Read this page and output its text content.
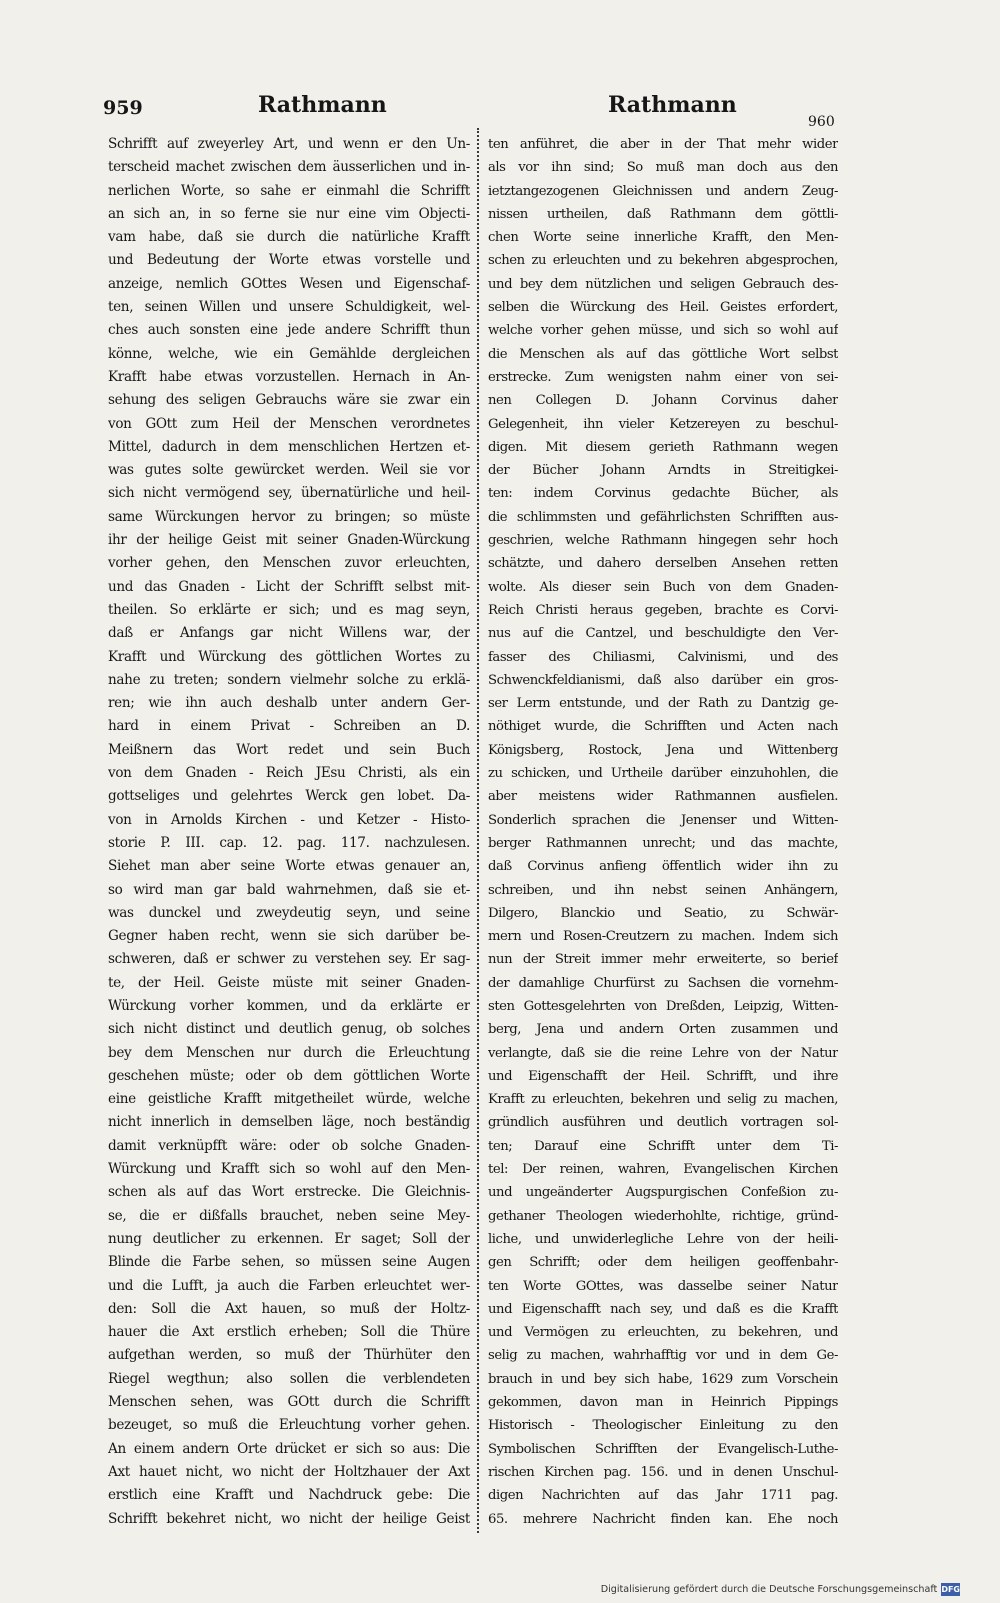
959	Rathmann	Rathmann
960
Schrifft auf zweyerley Art, und wenn er den Un-
terscheid machet zwischen dem äusserlichen und in-
nerlichen Worte, so sahe er einmahl die Schrifft
an sich an, in so ferne sie nur eine vim Objecti-
vam habe, daß sie durch die natürliche Krafft
und Bedeutung der Worte etwas vorstelle und
anzeige, nemlich GOttes Wesen und Eigenschaf-
ten, seinen Willen und unsere Schuldigkeit, wel-
ches auch sonsten eine jede andere Schrifft thun
könne, welche, wie ein Gemählde dergleichen
Krafft habe etwas vorzustellen. Hernach in An-
sehung des seligen Gebrauchs wäre sie zwar ein
von GOtt zum Heil der Menschen verordnetes
Mittel, dadurch in dem menschlichen Hertzen et-
was gutes solte gewürcket werden. Weil sie vor
sich nicht vermögend sey, übernatürliche und heil-
same Würckungen hervor zu bringen; so müste
ihr der heilige Geist mit seiner Gnaden-Würckung
vorher gehen, den Menschen zuvor erleuchten,
und das Gnaden - Licht der Schrifft selbst mit-
theilen. So erklärte er sich; und es mag seyn,
daß er Anfangs gar nicht Willens war, der
Krafft und Würckung des göttlichen Wortes zu
nahe zu treten; sondern vielmehr solche zu erklä-
ren; wie ihn auch deshalb unter andern Ger-
hard in einem Privat - Schreiben an D.
Meißnern das Wort redet und sein Buch
von dem Gnaden - Reich JEsu Christi, als ein
gottseliges und gelehrtes Werck gen lobet. Da-
von in Arnolds Kirchen - und Ketzer - Histo-
storie P. III. cap. 12. pag. 117. nachzulesen.
Siehet man aber seine Worte etwas genauer an,
so wird man gar bald wahrnehmen, daß sie et-
was dunckel und zweydeutig seyn, und seine
Gegner haben recht, wenn sie sich darüber be-
schweren, daß er schwer zu verstehen sey. Er sag-
te, der Heil. Geiste müste mit seiner Gnaden-
Würckung vorher kommen, und da erklärte er
sich nicht distinct und deutlich genug, ob solches
bey dem Menschen nur durch die Erleuchtung
geschehen müste; oder ob dem göttlichen Worte
eine geistliche Krafft mitgetheilet würde, welche
nicht innerlich in demselben läge, noch beständig
damit verknüpfft wäre: oder ob solche Gnaden-
Würckung und Krafft sich so wohl auf den Men-
schen als auf das Wort erstrecke. Die Gleichnis-
se, die er dißfalls brauchet, neben seine Mey-
nung deutlicher zu erkennen. Er saget; Soll der
Blinde die Farbe sehen, so müssen seine Augen
und die Lufft, ja auch die Farben erleuchtet wer-
den: Soll die Axt hauen, so muß der Holtz-
hauer die Axt erstlich erheben; Soll die Thüre
aufgethan werden, so muß der Thürhüter den
Riegel wegthun; also sollen die verblendeten
Menschen sehen, was GOtt durch die Schrifft
bezeuget, so muß die Erleuchtung vorher gehen.
An einem andern Orte drücket er sich so aus: Die
Axt hauet nicht, wo nicht der Holtzhauer der Axt
erstlich eine Krafft und Nachdruck gebe: Die
Schrifft bekehret nicht, wo nicht der heilige Geist
ten anführet, die aber in der That mehr wider
als vor ihn sind; So muß man doch aus den
ietztangezogenen Gleichnissen und andern Zeug-
nissen urtheilen, daß Rathmann dem göttli-
chen Worte seine innerliche Krafft, den Men-
schen zu erleuchten und zu bekehren abgesprochen,
und bey dem nützlichen und seligen Gebrauch des-
selben die Würckung des Heil. Geistes erfordert,
welche vorher gehen müsse, und sich so wohl auf
die Menschen als auf das göttliche Wort selbst
erstrecke. Zum wenigsten nahm einer von sei-
nen Collegen D. Johann Corvinus daher
Gelegenheit, ihn vieler Ketzereyen zu beschul-
digen. Mit diesem gerieth Rathmann wegen
der Bücher Johann Arndts in Streitigkei-
ten: indem Corvinus gedachte Bücher, als
die schlimmsten und gefährlichsten Schrifften aus-
geschrien, welche Rathmann hingegen sehr hoch
schätzte, und dahero derselben Ansehen retten
wolte. Als dieser sein Buch von dem Gnaden-
Reich Christi heraus gegeben, brachte es Corvi-
nus auf die Cantzel, und beschuldigte den Ver-
fasser des Chiliasmi, Calvinismi, und des
Schwenckfeldianismi, daß also darüber ein gros-
ser Lerm entstunde, und der Rath zu Dantzig ge-
nöthiget wurde, die Schrifften und Acten nach
Königsberg, Rostock, Jena und Wittenberg
zu schicken, und Urtheile darüber einzuhohlen, die
aber meistens wider Rathmannen ausfielen.
Sonderlich sprachen die Jenenser und Witten-
berger Rathmannen unrecht; und das machte,
daß Corvinus anfieng öffentlich wider ihn zu
schreiben, und ihn nebst seinen Anhängern,
Dilgero, Blanckio und Seatio, zu Schwär-
mern und Rosen-Creutzern zu machen. Indem sich
nun der Streit immer mehr erweiterte, so berief
der damahlige Churfürst zu Sachsen die vornehm-
sten Gottesgelehrten von Dreßden, Leipzig, Witten-
berg, Jena und andern Orten zusammen und
verlangte, daß sie die reine Lehre von der Natur
und Eigenschafft der Heil. Schrifft, und ihre
Krafft zu erleuchten, bekehren und selig zu machen,
gründlich ausführen und deutlich vortragen sol-
ten; Darauf eine Schrifft unter dem Ti-
tel: Der reinen, wahren, Evangelischen Kirchen
und ungeänderter Augspurgischen Confeßion zu-
gethaner Theologen wiederhohlte, richtige, gründ-
liche, und unwiderlegliche Lehre von der heili-
gen Schrifft; oder dem heiligen geoffenbahr-
ten Worte GOttes, was dasselbe seiner Natur
und Eigenschafft nach sey, und daß es die Krafft
und Vermögen zu erleuchten, zu bekehren, und
selig zu machen, wahrhafftig vor und in dem Ge-
brauch in und bey sich habe, 1629 zum Vorschein
gekommen, davon man in Heinrich Pippings
Historisch - Theologischer Einleitung zu den
Symbolischen Schrifften der Evangelisch-Luthe-
rischen Kirchen pag. 156. und in denen Unschul-
digen Nachrichten auf das Jahr 1711 pag.
65. mehrere Nachricht finden kan. Ehe noch
Digitalisierung gefördert durch die Deutsche Forschungsgemeinschaft DFG
